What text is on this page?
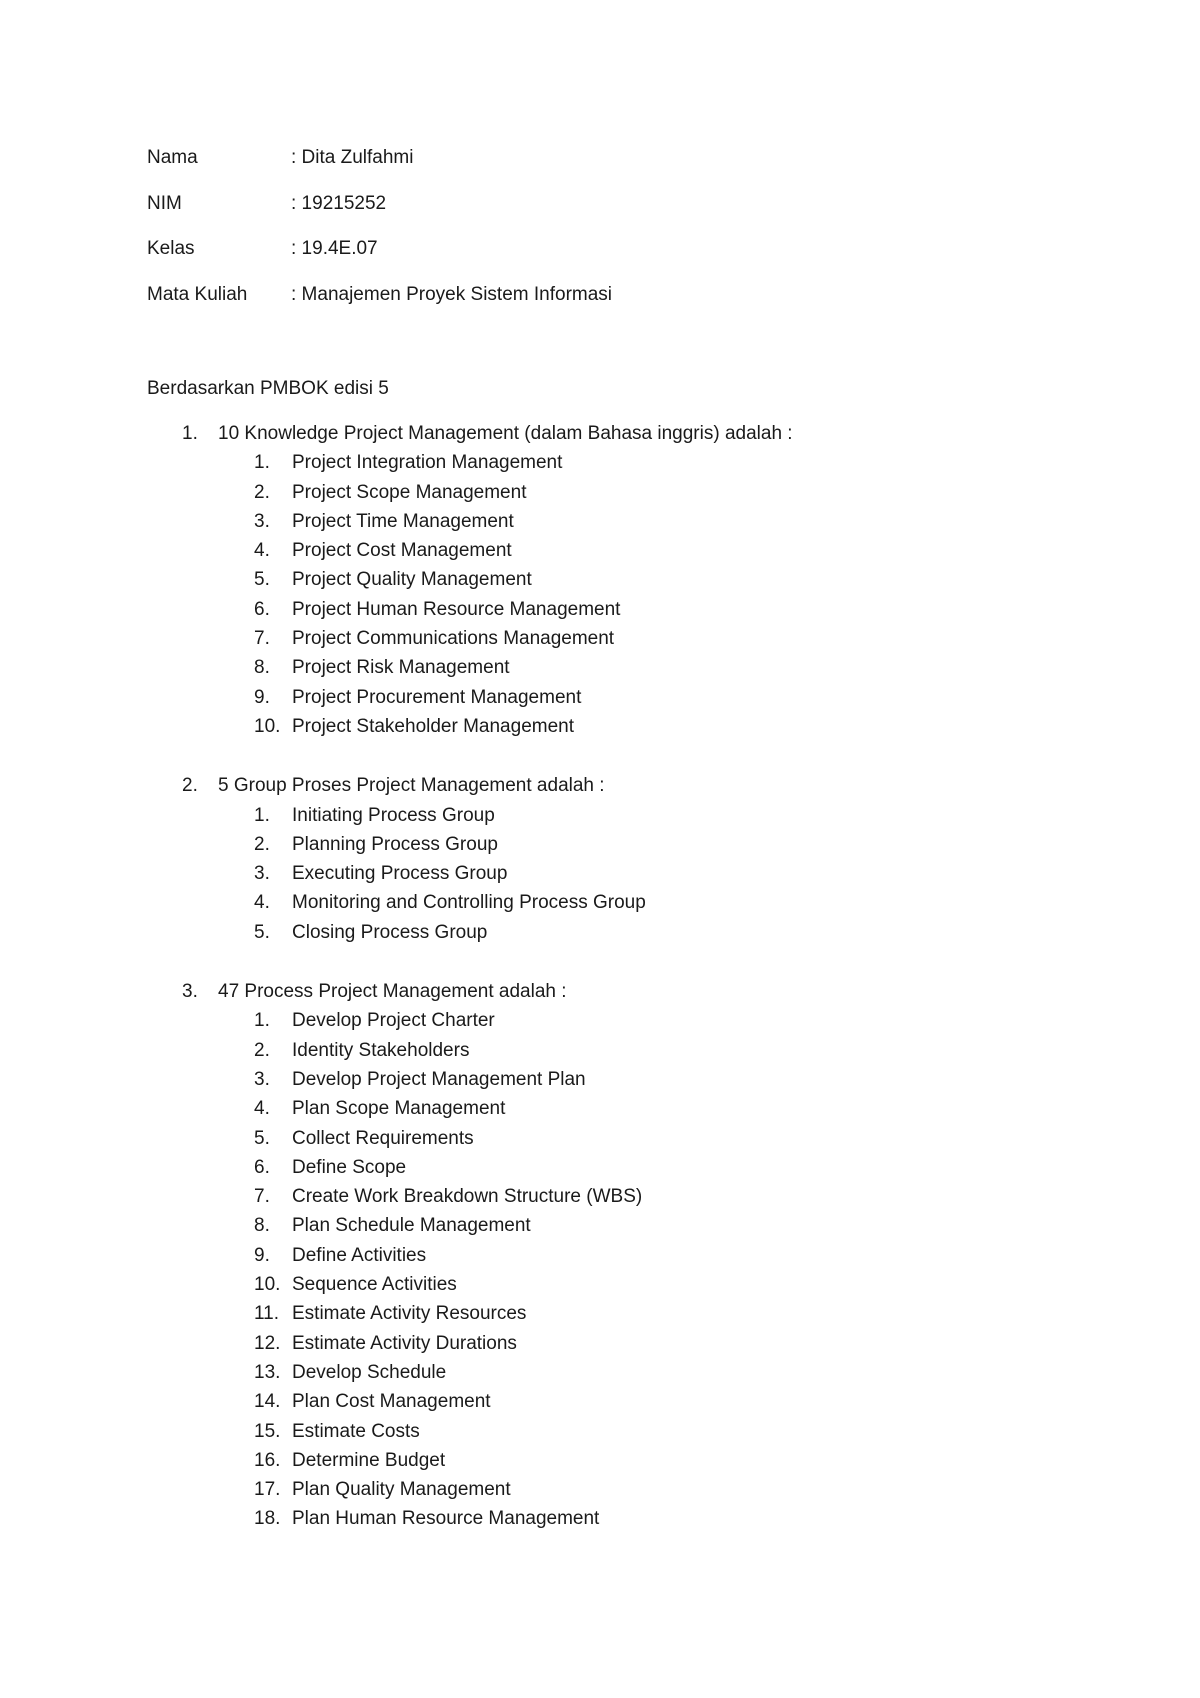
Nama	: Dita Zulfahmi
NIM	: 19215252
Kelas	: 19.4E.07
Mata Kuliah	: Manajemen Proyek Sistem Informasi
Berdasarkan PMBOK edisi 5
1.	10 Knowledge Project Management (dalam Bahasa inggris) adalah :
1.	Project Integration Management
2.	Project Scope Management
3.	Project Time Management
4.	Project Cost Management
5.	Project Quality Management
6.	Project Human Resource Management
7.	Project Communications Management
8.	Project Risk Management
9.	Project Procurement Management
10. Project Stakeholder Management
2.	5 Group Proses Project Management adalah :
1.	Initiating Process Group
2.	Planning Process Group
3.	Executing Process Group
4.	Monitoring and Controlling Process Group
5.	Closing Process Group
3.	47 Process Project Management adalah :
1.	Develop Project Charter
2.	Identity Stakeholders
3.	Develop Project Management Plan
4.	Plan Scope Management
5.	Collect Requirements
6.	Define Scope
7.	Create Work Breakdown Structure (WBS)
8.	Plan Schedule Management
9.	Define Activities
10. Sequence Activities
11. Estimate Activity Resources
12. Estimate Activity Durations
13. Develop Schedule
14. Plan Cost Management
15. Estimate Costs
16. Determine Budget
17. Plan Quality Management
18. Plan Human Resource Management
